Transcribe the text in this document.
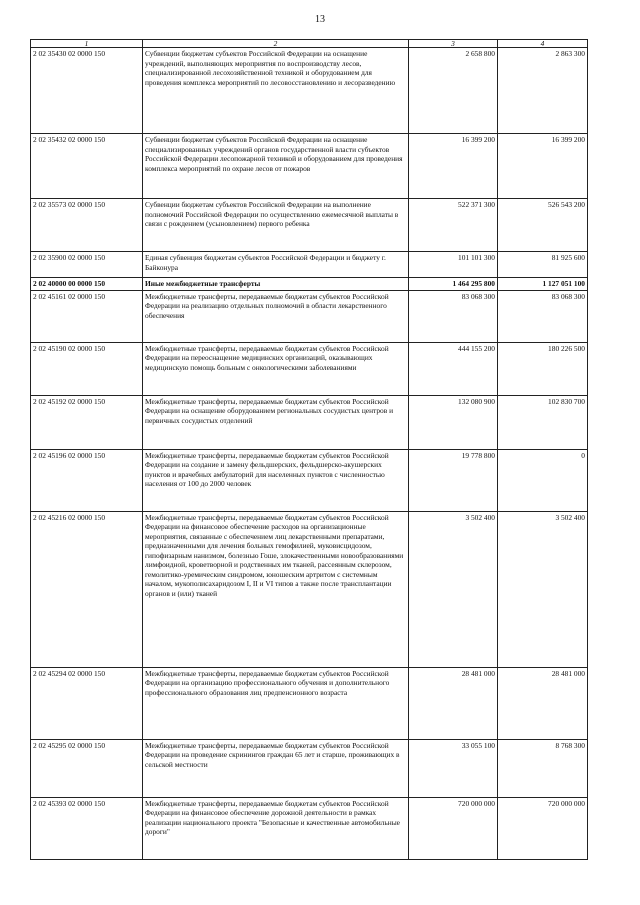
13
1	2	3	4
2 02 35430 02 0000 150	Субвенции бюджетам субъектов Российской Федерации на оснащение учреждений, выполняющих мероприятия по воспроизводству лесов, специализированной лесохозяйственной техникой и оборудованием для проведения комплекса мероприятий по лесовосстановлению и лесоразведению	2 658 800	2 863 300
2 02 35432 02 0000 150	Субвенции бюджетам субъектов Российской Федерации на оснащение специализированных учреждений органов государственной власти субъектов Российской Федерации лесопожарной техникой и оборудованием для проведения комплекса мероприятий по охране лесов от пожаров	16 399 200	16 399 200
2 02 35573 02 0000 150	Субвенции бюджетам субъектов Российской Федерации на выполнение полномочий Российской Федерации по осуществлению ежемесячной выплаты в связи с рождением (усыновлением) первого ребенка	522 371 300	526 543 200
2 02 35900 02 0000 150	Единая субвенция бюджетам субъектов Российской Федерации и бюджету г. Байконура	101 101 300	81 925 600
2 02 40000 00 0000 150	Иные межбюджетные трансферты	1 464 295 800	1 127 051 100
2 02 45161 02 0000 150	Межбюджетные трансферты, передаваемые бюджетам субъектов Российской Федерации на реализацию отдельных полномочий в области лекарственного обеспечения	83 068 300	83 068 300
2 02 45190 02 0000 150	Межбюджетные трансферты, передаваемые бюджетам субъектов Российской Федерации на переоснащение медицинских организаций, оказывающих медицинскую помощь больным с онкологическими заболеваниями	444 155 200	180 226 500
2 02 45192 02 0000 150	Межбюджетные трансферты, передаваемые бюджетам субъектов Российской Федерации на оснащение оборудованием региональных сосудистых центров и первичных сосудистых отделений	132 080 900	102 830 700
2 02 45196 02 0000 150	Межбюджетные трансферты, передаваемые бюджетам субъектов Российской Федерации на создание и замену фельдшерских, фельдшерско-акушерских пунктов и врачебных амбулаторий для населенных пунктов с численностью населения от 100 до 2000 человек	19 778 800	0
2 02 45216 02 0000 150	Межбюджетные трансферты, передаваемые бюджетам субъектов Российской Федерации на финансовое обеспечение расходов на организационные мероприятия, связанные с обеспечением лиц лекарственными препаратами, предназначенными для лечения больных гемофилией, муковисцидозом, гипофизарным нанизмом, болезнью Гоше, злокачественными новообразованиями лимфоидной, кроветворной и родственных им тканей, рассеянным склерозом, гемолитико-уремическим синдромом, юношеским артритом с системным началом, мукополисахаридозом I, II и VI типов а также после трансплантации органов и (или) тканей	3 502 400	3 502 400
2 02 45294 02 0000 150	Межбюджетные трансферты, передаваемые бюджетам субъектов Российской Федерации на организацию профессионального обучения и дополнительного профессионального образования лиц предпенсионного возраста	28 481 000	28 481 000
2 02 45295 02 0000 150	Межбюджетные трансферты, передаваемые бюджетам субъектов Российской Федерации на проведение скринингов граждан 65 лет и старше, проживающих в сельской местности	33 055 100	8 768 300
2 02 45393 02 0000 150	Межбюджетные трансферты, передаваемые бюджетам субъектов Российской Федерации на финансовое обеспечение дорожной деятельности в рамках реализации национального проекта "Безопасные и качественные автомобильные дороги"	720 000 000	720 000 000
